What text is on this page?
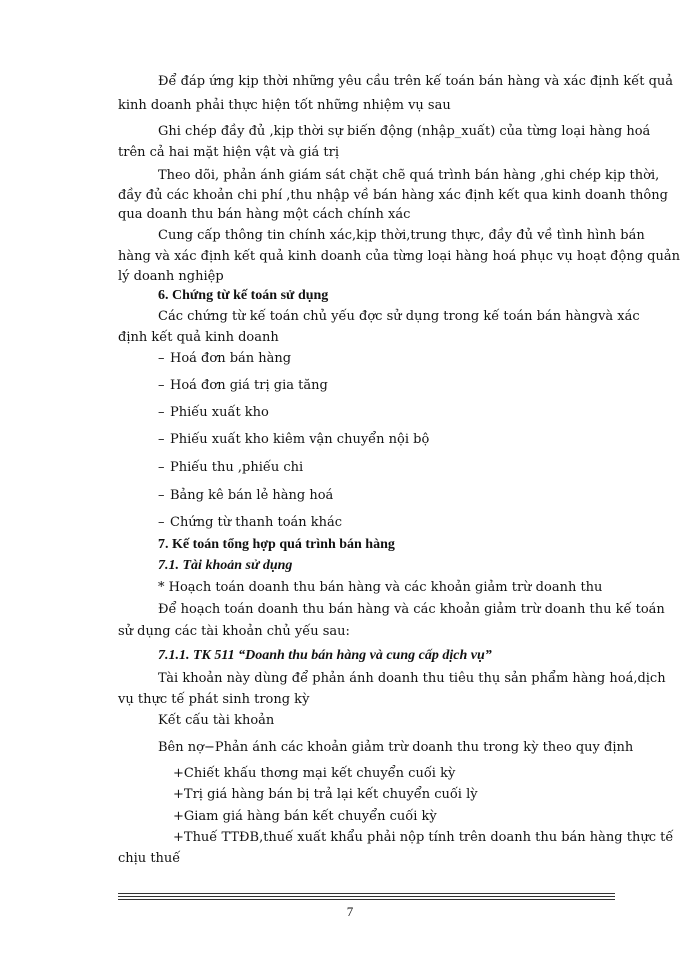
Để đáp ứng kịp thời những yêu cầu trên kế toán bán hàng và xác định kết quả
kinh doanh phải thực hiện tốt những nhiệm vụ sau
Ghi chép đầy đủ ,kịp thời sự biến động (nhập_xuất) của từng loại hàng hoá
trên cả hai mặt hiện vật và giá trị
Theo dõi, phản ánh giám sát chặt chẽ quá trình bán hàng ,ghi chép kịp thời,
đầy đủ các khoản chi phí ,thu nhập về bán hàng xác định kết qua kinh doanh thông
qua doanh thu bán hàng một cách chính xác
Cung cấp thông tin chính xác,kịp thời,trung thực, đầy đủ về tình hình bán
hàng và xác định kết quả kinh doanh của từng loại hàng hoá phục vụ hoạt động quản
lý doanh nghiệp
6. Chứng từ kế toán sử dụng
Các chứng từ kế toán chủ yếu đợc sử dụng trong kế toán bán hàngvà xác
định kết quả kinh doanh
– Hoá đơn bán hàng
– Hoá đơn giá trị gia tăng
– Phiếu xuất kho
– Phiếu xuất kho kiêm vận chuyển nội bộ
– Phiếu thu ,phiếu chi
– Bảng kê bán lẻ hàng hoá
– Chứng từ thanh toán khác
7. Kế toán tổng hợp quá trình bán hàng
7.1. Tài khoản sử dụng
* Hoạch toán doanh thu bán hàng và các khoản giảm trừ doanh thu
Để hoạch toán doanh thu bán hàng và các khoản giảm trừ doanh thu kế toán
sử dụng các tài khoản chủ yếu sau:
7.1.1. TK 511 “Doanh thu bán hàng và cung cấp dịch vụ”
Tài khoản này dùng để phản ánh doanh thu tiêu thụ sản phẩm hàng hoá,dịch
vụ thực tế phát sinh trong kỳ
Kết cấu tài khoản
Bên nợ−Phản ánh các khoản giảm trừ doanh thu trong kỳ theo quy định
+Chiết khấu thơng mại kết chuyển cuối kỳ
+Trị giá hàng bán bị trả lại kết chuyển cuối lỳ
+Giam giá hàng bán kết chuyển cuối kỳ
+Thuế TTĐB,thuế xuất khẩu phải nộp tính trên doanh thu bán hàng thực tế
chịu thuế
7
